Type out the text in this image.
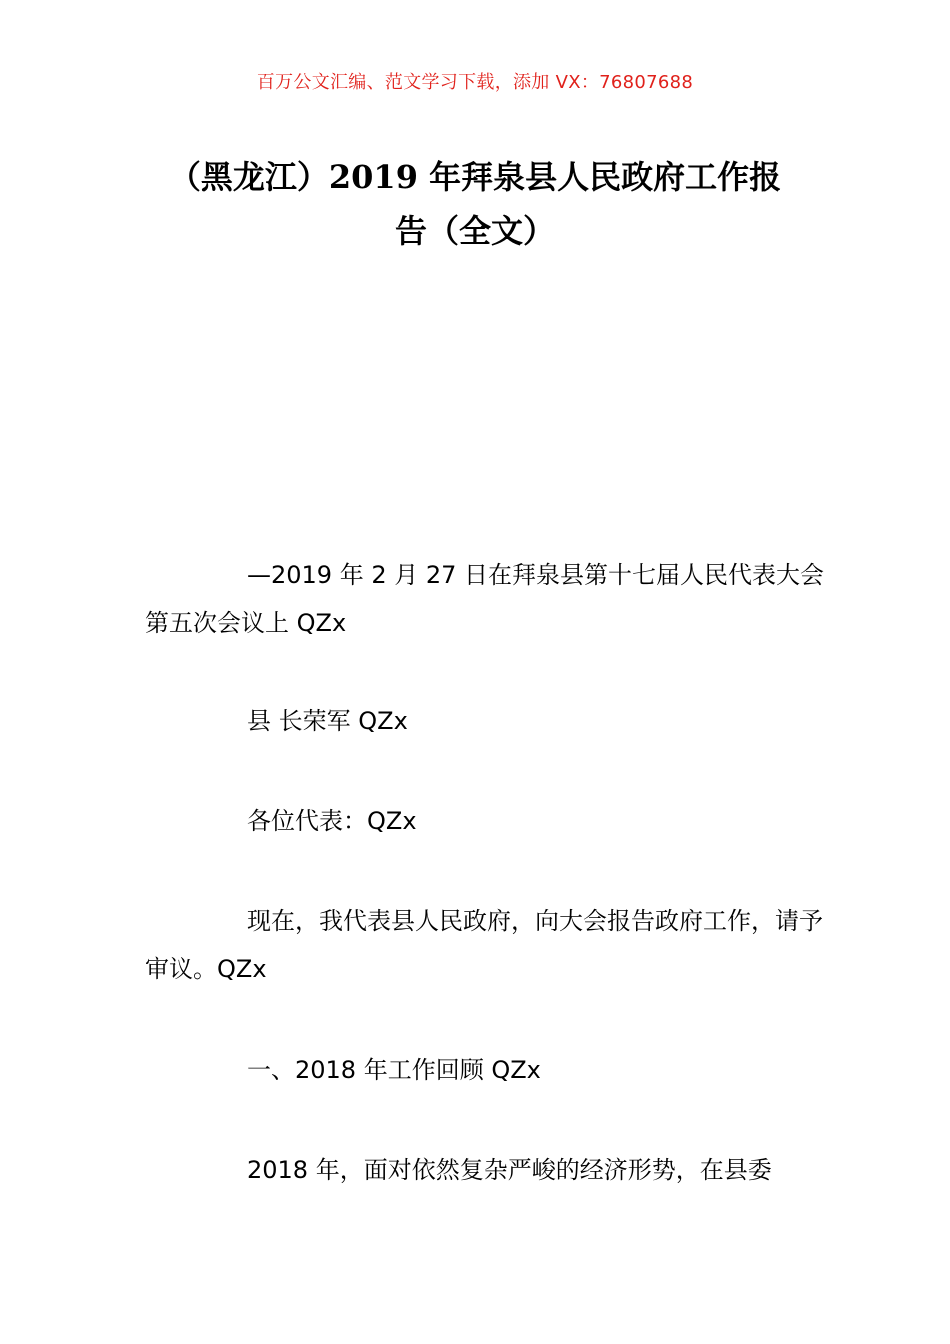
百万公文汇编、范文学习下载，添加 VX：76807688
（黑龙江）2019 年拜泉县人民政府工作报
告（全文）

—2019 年 2 月 27 日在拜泉县第十七届人民代表大会第五次会议上 QZx

县 长荣军 QZx

各位代表：QZx

现在，我代表县人民政府，向大会报告政府工作，请予审议。QZx

一、2018 年工作回顾 QZx

2018 年，面对依然复杂严峻的经济形势，在县委
